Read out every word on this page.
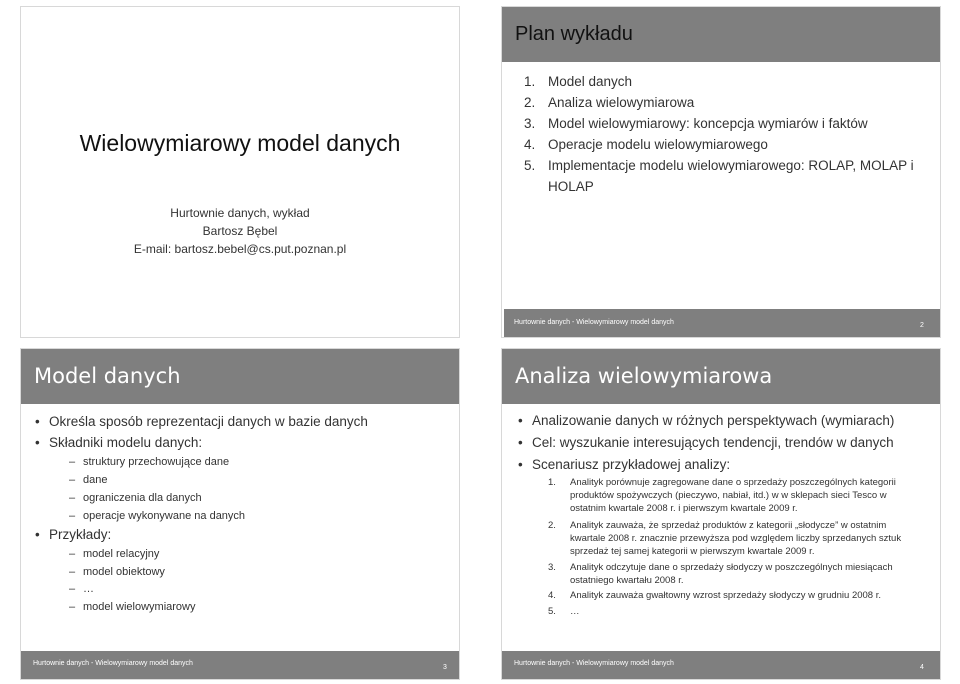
Wielowymiarowy model danych
Hurtownie danych, wykład
Bartosz Bębel
E-mail: bartosz.bebel@cs.put.poznan.pl
Plan wykładu
1. Model danych
2. Analiza wielowymiarowa
3. Model wielowymiarowy: koncepcja wymiarów i faktów
4. Operacje modelu wielowymiarowego
5. Implementacje modelu wielowymiarowego: ROLAP, MOLAP i HOLAP
Hurtownie danych - Wielowymiarowy model danych	2
Model danych
• Określa sposób reprezentacji danych w bazie danych
• Składniki modelu danych:
– struktury przechowujące dane
– dane
– ograniczenia dla danych
– operacje wykonywane na danych
• Przykłady:
– model relacyjny
– model obiektowy
– …
– model wielowymiarowy
Hurtownie danych - Wielowymiarowy model danych
3
Analiza wielowymiarowa
• Analizowanie danych w różnych perspektywach (wymiarach)
• Cel: wyszukanie interesujących tendencji, trendów w danych
• Scenariusz przykładowej analizy:
1.	Analityk porównuje zagregowane dane o sprzedaży poszczególnych kategorii produktów spożywczych (pieczywo, nabiał, itd.) w w sklepach sieci Tesco w ostatnim kwartale 2008 r. i pierwszym kwartale 2009 r.
2.	Analityk zauważa, że sprzedaż produktów z kategorii „słodycze” w ostatnim kwartale 2008 r. znacznie przewyższa pod względem liczby sprzedanych sztuk sprzedaż tej samej kategorii w pierwszym kwartale 2009 r.
3.	Analityk odczytuje dane o sprzedaży słodyczy w poszczególnych miesiącach ostatniego kwartału 2008 r.
4.	Analityk zauważa gwałtowny wzrost sprzedaży słodyczy w grudniu 2008 r.
5.	…
Hurtownie danych - Wielowymiarowy model danych
4
